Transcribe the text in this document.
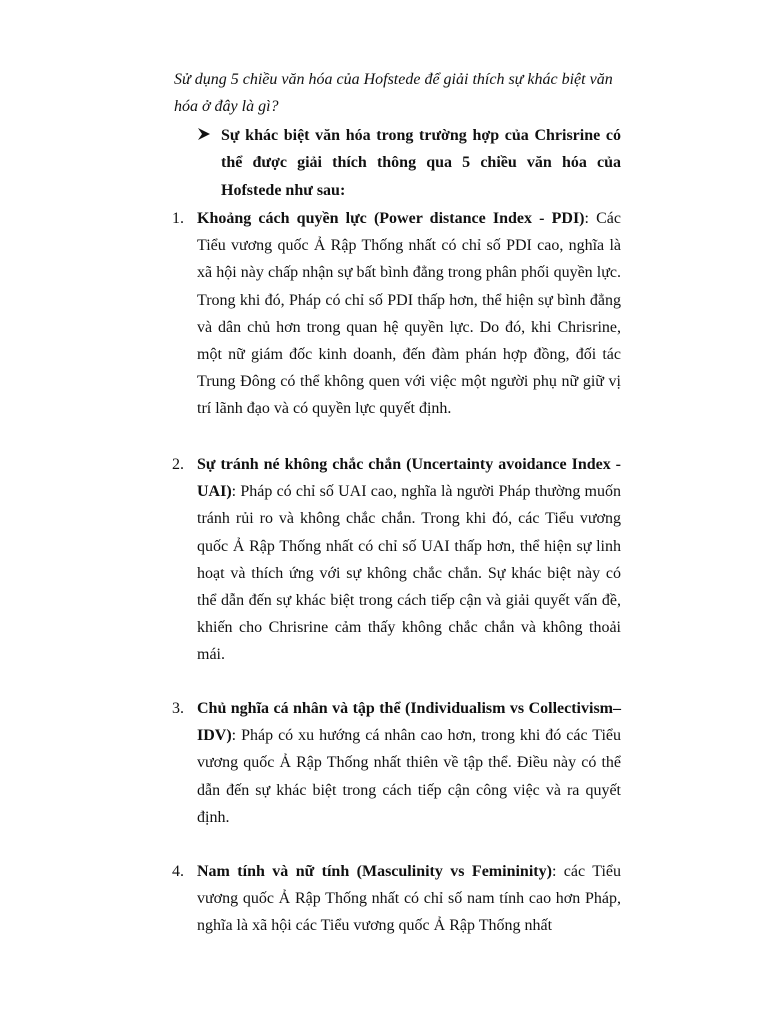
Sử dụng 5 chiều văn hóa của Hofstede để giải thích sự khác biệt văn hóa ở đây là gì?
Sự khác biệt văn hóa trong trường hợp của Chrisrine có thể được giải thích thông qua 5 chiều văn hóa của Hofstede như sau:
1. Khoảng cách quyền lực (Power distance Index - PDI): Các Tiểu vương quốc Ả Rập Thống nhất có chỉ số PDI cao, nghĩa là xã hội này chấp nhận sự bất bình đẳng trong phân phối quyền lực. Trong khi đó, Pháp có chỉ số PDI thấp hơn, thể hiện sự bình đẳng và dân chủ hơn trong quan hệ quyền lực. Do đó, khi Chrisrine, một nữ giám đốc kinh doanh, đến đàm phán hợp đồng, đối tác Trung Đông có thể không quen với việc một người phụ nữ giữ vị trí lãnh đạo và có quyền lực quyết định.
2. Sự tránh né không chắc chắn (Uncertainty avoidance Index - UAI): Pháp có chỉ số UAI cao, nghĩa là người Pháp thường muốn tránh rủi ro và không chắc chắn. Trong khi đó, các Tiểu vương quốc Ả Rập Thống nhất có chỉ số UAI thấp hơn, thể hiện sự linh hoạt và thích ứng với sự không chắc chắn. Sự khác biệt này có thể dẫn đến sự khác biệt trong cách tiếp cận và giải quyết vấn đề, khiến cho Chrisrine cảm thấy không chắc chắn và không thoải mái.
3. Chủ nghĩa cá nhân và tập thể (Individualism vs Collectivism– IDV): Pháp có xu hướng cá nhân cao hơn, trong khi đó các Tiểu vương quốc Ả Rập Thống nhất thiên về tập thể. Điều này có thể dẫn đến sự khác biệt trong cách tiếp cận công việc và ra quyết định.
4. Nam tính và nữ tính (Masculinity vs Femininity): các Tiểu vương quốc Ả Rập Thống nhất có chỉ số nam tính cao hơn Pháp, nghĩa là xã hội các Tiểu vương quốc Ả Rập Thống nhất
